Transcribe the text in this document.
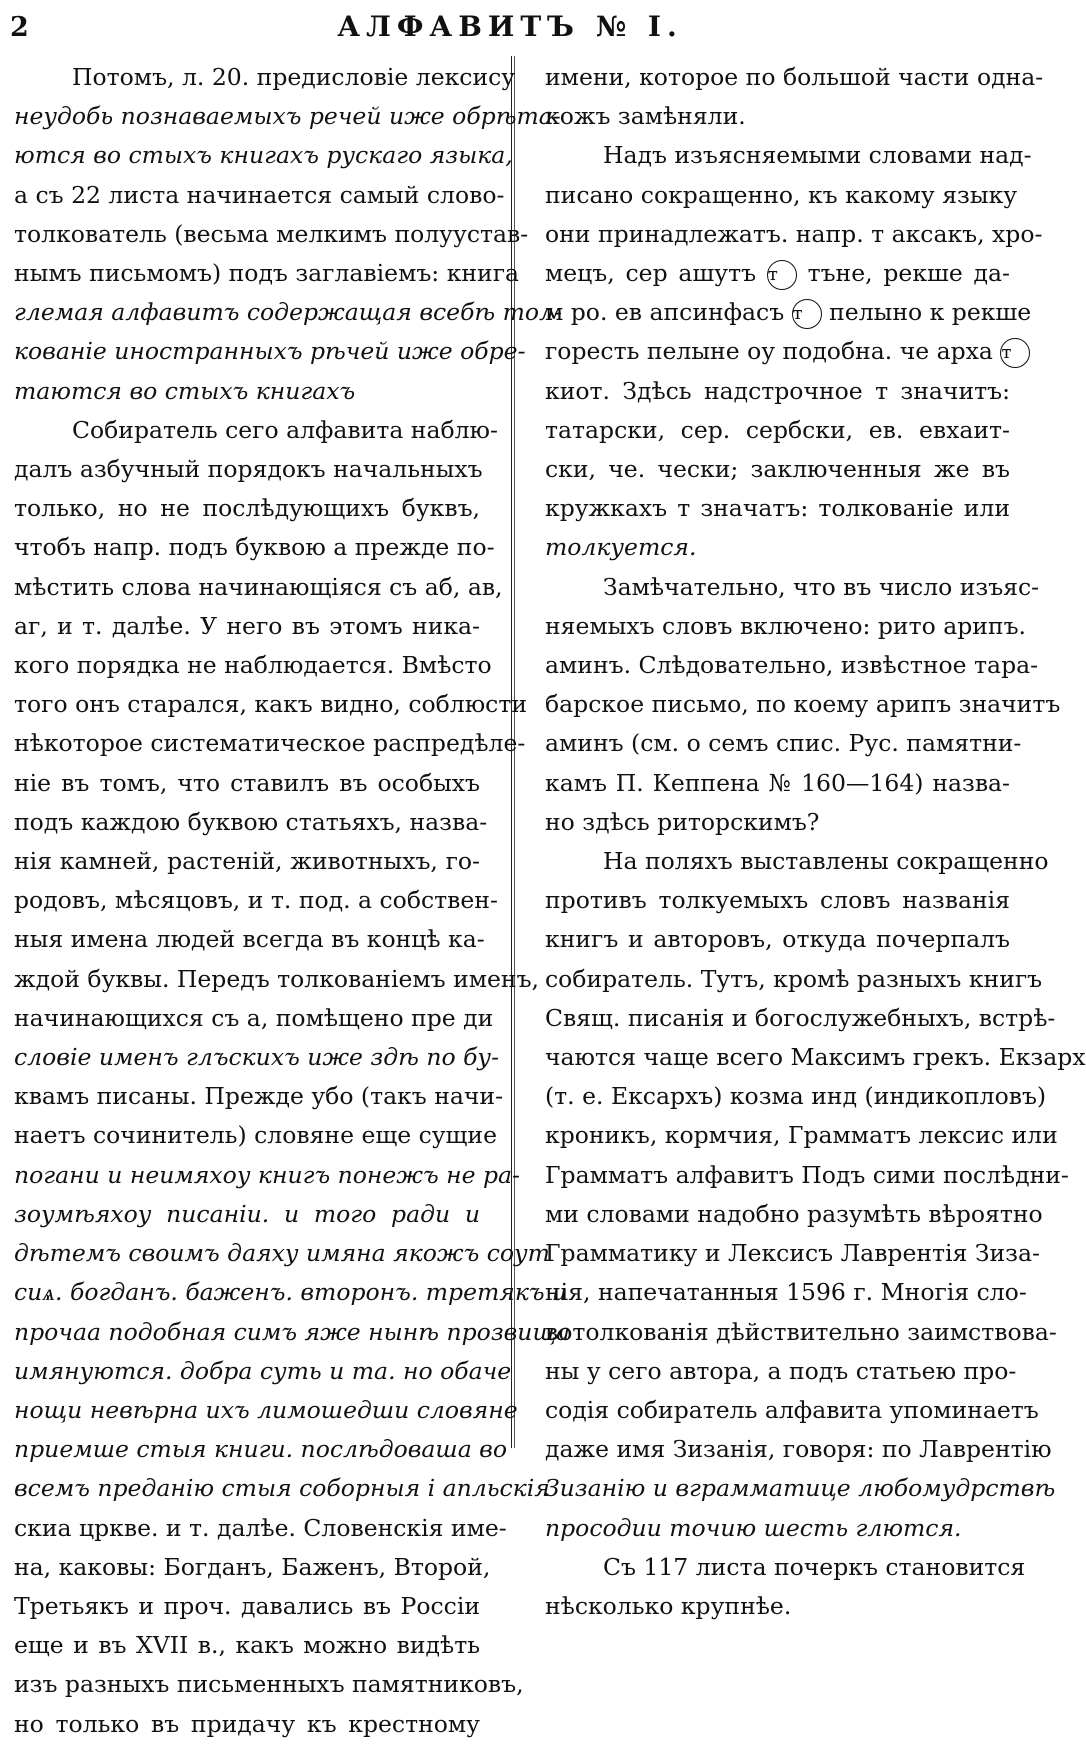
2	АЛФАВИТЪ № I.
Потомъ, л. 20. предисловіе лексису
неудобь познаваемыхъ речей иже обрѣта-
ются во стыхъ книгахъ рускаго языка,
а съ 22 листа начинается самый слово-
толкователь (весьма мелкимъ полуустав-
нымъ письмомъ) подъ заглавіемъ: книга
глемая алфавитъ содержащая всебѣ тол-
кованіе иностранныхъ рѣчей иже обре-
таются во стыхъ книгахъ
Собиратель сего алфавита наблю-
далъ азбучный порядокъ начальныхъ
только, но не послѣдующихъ буквъ,
чтобъ напр. подъ буквою а прежде по-
мѣстить слова начинающіяся съ аб, ав,
аг, и т. далѣе. У него въ этомъ ника-
кого порядка не наблюдается. Вмѣсто
того онъ старался, какъ видно, соблюсти
нѣкоторое систематическое распредѣле-
ніе въ томъ, что ставилъ въ особыхъ
подъ каждою буквою статьяхъ, назва-
нія камней, растеній, животныхъ, го-
родовъ, мѣсяцовъ, и т. под. а собствен-
ныя имена людей всегда въ концѣ ка-
ждой буквы. Передъ толкованіемъ именъ,
начинающихся съ а, помѣщено пре ди
словіе именъ глъскихъ иже здѣ по бу-
квамъ писаны. Прежде убо (такъ начи-
наетъ сочинитель) словяне еще сущие
погани и неимяхоу книгъ понежъ не ра-
зоумѣяхоу писаніи. и того ради и
дѣтемъ своимъ даяху имяна якожъ соут
сиѧ. богданъ. баженъ. второнъ. третякъ и
прочаа подобная симъ яже нынѣ прозвища
имянуются. добра суть и та. но обаче
нощи невѣрна ихъ лимошедши словяне
приемше стыя книги. послѣдоваша во
всемъ преданію стыя соборныя і апльскія
скиа црквe. и т. далѣе. Словенскія име-
на, каковы: Богданъ, Баженъ, Второй,
Третьякъ и проч. давались въ Россіи
еще и въ XVII в., какъ можно видѣть
изъ разныхъ письменныхъ памятниковъ,
но только въ придачу къ крестному
имени, которое по большой части одна-
кожъ замѣняли.
Надъ изъясняемыми словами над-
писано сокращенно, къ какому языку
они принадлежатъ. напр. т аксакъ, хро-
мецъ, сер ашутъ т тъне, рекше да-
м ро. ев апсинфасъ т пелыно к рекше
горесть пелыне оу подобна. че арха т
киот. Здѣсь надстрочное т значитъ:
татарски, сер. сербски, ев. евхаит-
ски, че. чески; заключенныя же въ
кружкахъ т значатъ: толкованіе или
толкуется.
Замѣчательно, что въ число изъяс-
няемыхъ словъ включено: рито арипъ.
аминъ. Слѣдовательно, извѣстное тара-
барское письмо, по коему арипъ значитъ
аминъ (см. о семъ спис. Рус. памятни-
камъ П. Кеппена № 160—164) назва-
но здѣсь риторскимъ?
На поляхъ выставлены сокращенно
противъ толкуемыхъ словъ названія
книгъ и авторовъ, откуда почерпалъ
собиратель. Тутъ, кромѣ разныхъ книгъ
Свящ. писанія и богослужебныхъ, встрѣ-
чаются чаще всего Максимъ грекъ. Екзарх
(т. е. Ексархъ) козма инд (индикопловъ)
кроникъ, кормчия, Грамматъ лексис или
Грамматъ алфавитъ Подъ сими послѣдни-
ми словами надобно разумѣть вѣроятно
Грамматику и Лексисъ Лаврентія Зиза-
нія, напечатанныя 1596 г. Многія сло-
вотолкованія дѣйствительно заимствова-
ны у сего автора, а подъ статьею про-
содія собиратель алфавита упоминаетъ
даже имя Зизанія, говоря: по Лаврентію
Зизанію и вграмматице любомудрствѣ
просодии точию шесть глются.
Съ 117 листа почеркъ становится
нѣсколько крупнѣе.
